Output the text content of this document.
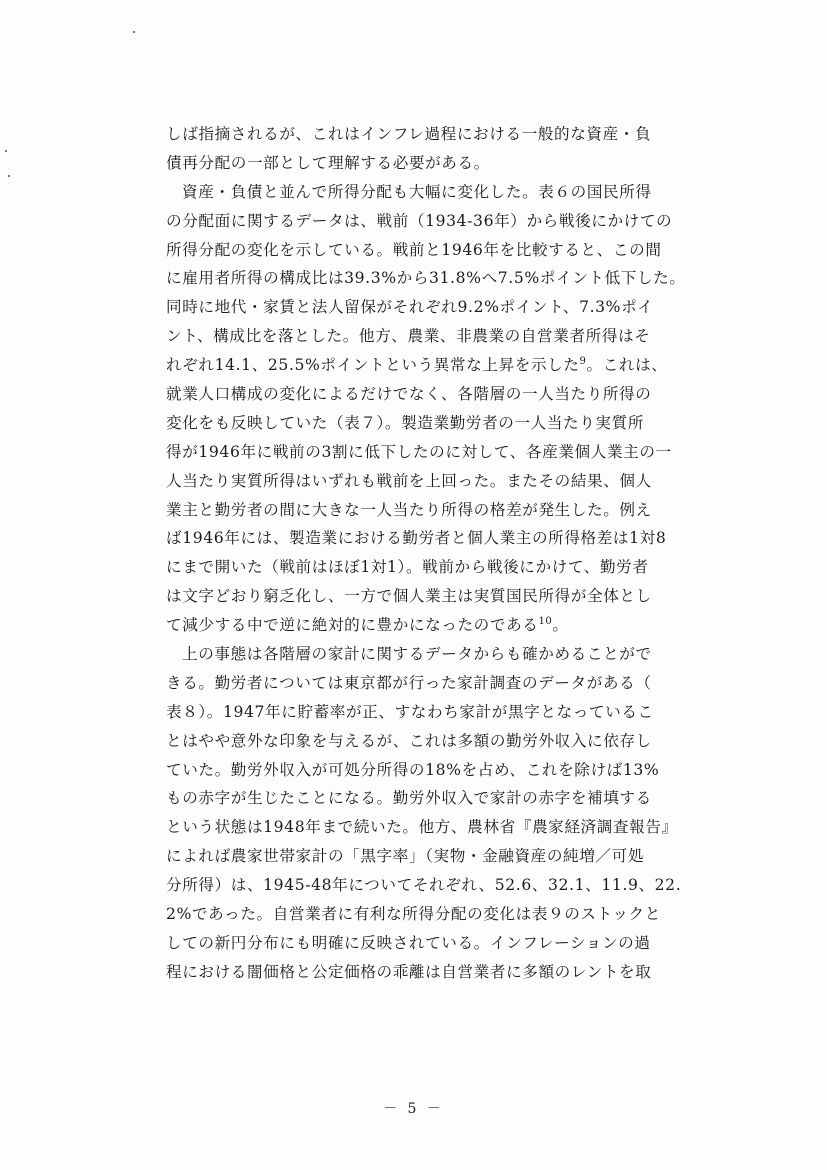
しば指摘されるが、これはインフレ過程における一般的な資産・負
債再分配の一部として理解する必要がある。
資産・負債と並んで所得分配も大幅に変化した。表６の国民所得
の分配面に関するデータは、戦前（1934-36年）から戦後にかけての
所得分配の変化を示している。戦前と1946年を比較すると、この間
に雇用者所得の構成比は39.3%から31.8%へ7.5%ポイント低下した。
同時に地代・家賃と法人留保がそれぞれ9.2%ポイント、7.3%ポイ
ント、構成比を落とした。他方、農業、非農業の自営業者所得はそ
れぞれ14.1、25.5%ポイントという異常な上昇を示した$^9$。これは、
就業人口構成の変化によるだけでなく、各階層の一人当たり所得の
変化をも反映していた（表７）。製造業勤労者の一人当たり実質所
得が1946年に戦前の3割に低下したのに対して、各産業個人業主の一
人当たり実質所得はいずれも戦前を上回った。またその結果、個人
業主と勤労者の間に大きな一人当たり所得の格差が発生した。例え
ば1946年には、製造業における勤労者と個人業主の所得格差は1対8
にまで開いた（戦前はほぼ1対1）。戦前から戦後にかけて、勤労者
は文字どおり窮乏化し、一方で個人業主は実質国民所得が全体とし
て減少する中で逆に絶対的に豊かになったのである$^{10}$。
上の事態は各階層の家計に関するデータからも確かめることがで
きる。勤労者については東京都が行った家計調査のデータがある（
表８）。1947年に貯蓄率が正、すなわち家計が黒字となっているこ
とはやや意外な印象を与えるが、これは多額の勤労外収入に依存し
ていた。勤労外収入が可処分所得の18%を占め、これを除けば13%
もの赤字が生じたことになる。勤労外収入で家計の赤字を補填する
という状態は1948年まで続いた。他方、農林省『農家経済調査報告』
によれば農家世帯家計の「黒字率」（実物・金融資産の純増／可処
分所得）は、1945-48年についてそれぞれ、52.6、32.1、11.9、22.
2%であった。自営業者に有利な所得分配の変化は表９のストックと
しての新円分布にも明確に反映されている。インフレーションの過
程における闇価格と公定価格の乖離は自営業者に多額のレントを取
－ 5 －
